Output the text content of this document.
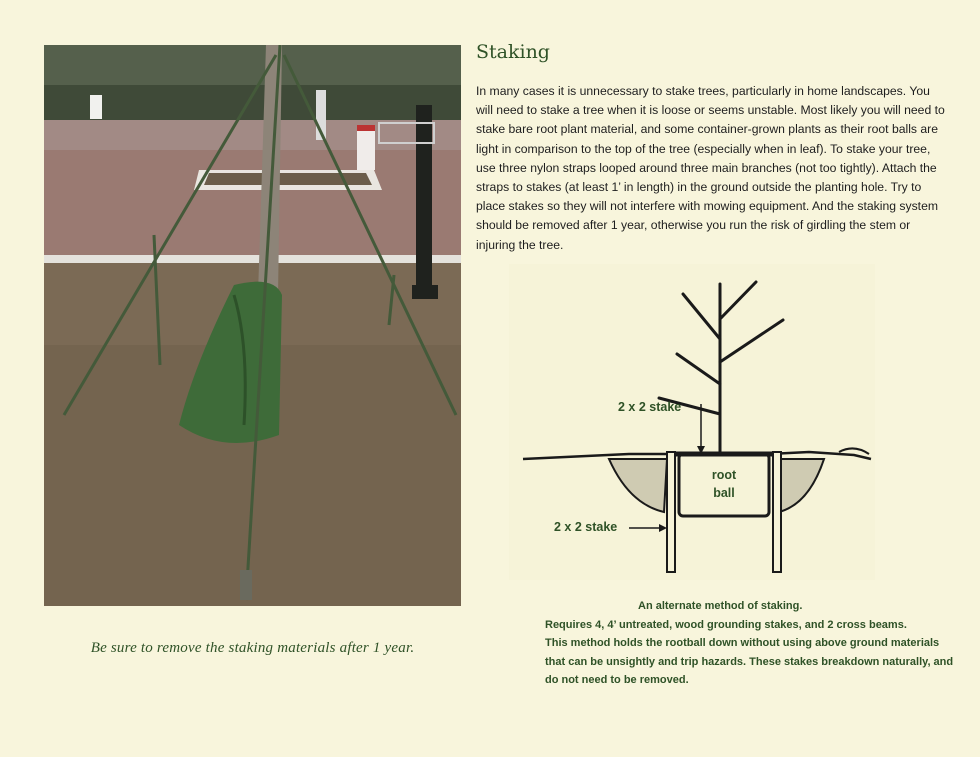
Be sure to remove the staking materials after 1 year.
Staking
In many cases it is unnecessary to stake trees, particularly in home landscapes. You will need to stake a tree when it is loose or seems unstable. Most likely you will need to stake bare root plant material, and some container-grown plants as their root balls are light in comparison to the top of the tree (especially when in leaf). To stake your tree, use three nylon straps looped around three main branches (not too tightly). Attach the straps to stakes (at least 1’ in length) in the ground outside the planting hole. Try to place stakes so they will not interfere with mowing equipment. And the staking system should be removed after 1 year, otherwise you run the risk of girdling the stem or injuring the tree.
2 x 2 stake
2 x 2 stake
root
ball
An alternate method of staking.
Requires 4, 4’ untreated, wood grounding stakes, and 2 cross beams.
This method holds the rootball down without using above ground materials
that can be unsightly and trip hazards. These stakes breakdown naturally, and
do not need to be removed.
